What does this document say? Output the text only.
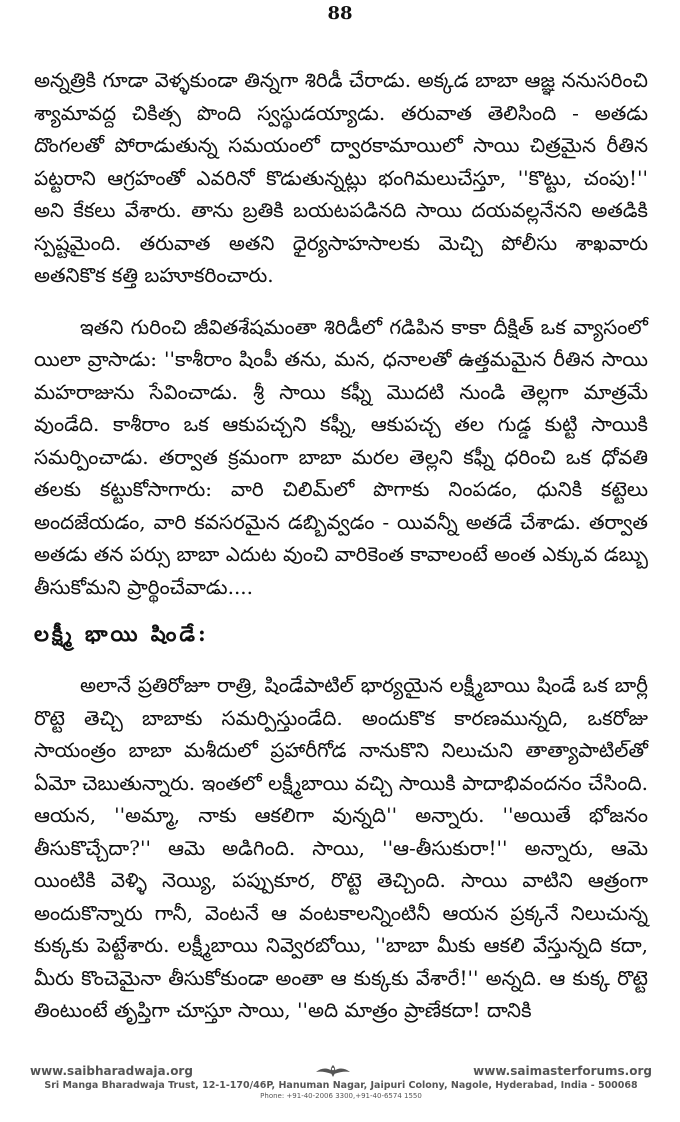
88

అన్నత్రికి గూడా వెళ్ళకుండా తిన్నగా శిరిడీ చేరాడు. అక్కడ బాబా ఆజ్ఞ ననుసరించి శ్యామావద్ద చికిత్స పొంది స్వస్థుడయ్యాడు. తరువాత తెలిసింది - అతడు దొంగలతో పోరాడుతున్న సమయంలో ద్వారకామాయిలో సాయి చిత్రమైన రీతిన పట్టరాని ఆగ్రహంతో ఎవరినో కొడుతున్నట్లు భంగిమలుచేస్తూ, ''కొట్టు, చంపు!'' అని కేకలు వేశారు. తాను బ్రతికి బయటపడినది సాయి దయవల్లనేనని అతడికి స్పష్టమైంది. తరువాత అతని ధైర్యసాహసాలకు మెచ్చి పోలీసు శాఖవారు అతనికొక కత్తి బహూకరించారు.

ఇతని గురించి జీవితశేషమంతా శిరిడీలో గడిపిన కాకా దీక్షిత్ ఒక వ్యాసంలో యిలా వ్రాసాడు: ''కాశీరాం షింపీ తను, మన, ధనాలతో ఉత్తమమైన రీతిన సాయి మహరాజును సేవించాడు. శ్రీ సాయి కఫ్నీ మొదటి నుండి తెల్లగా మాత్రమే వుండేది. కాశీరాం ఒక ఆకుపచ్చని కఫ్నీ, ఆకుపచ్చ తల గుడ్డ కుట్టి సాయికి సమర్పించాడు. తర్వాత క్రమంగా బాబా మరల తెల్లని కఫ్నీ ధరించి ఒక ధోవతి తలకు కట్టుకోసాగారు: వారి చిలిమ్‌లో పొగాకు నింపడం, ధునికి కట్టెలు అందజేయడం, వారి కవసరమైన డబ్బివ్వడం - యివన్నీ అతడే చేశాడు. తర్వాత అతడు తన పర్సు బాబా ఎదుట వుంచి వారికెంత కావాలంటే అంత ఎక్కువ డబ్బు తీసుకోమని ప్రార్థించేవాడు....

లక్ష్మీ భాయి షిండే:

అలానే ప్రతిరోజూ రాత్రి, షిండేపాటిల్ భార్యయైన లక్ష్మీబాయి షిండే ఒక బార్లీ రొట్టె తెచ్చి బాబాకు సమర్పిస్తుండేది. అందుకొక కారణమున్నది, ఒకరోజు సాయంత్రం బాబా మశీదులో ప్రహారీగోడ నానుకొని నిలుచుని తాత్యాపాటిల్‌తో ఏమో చెబుతున్నారు. ఇంతలో లక్ష్మీబాయి వచ్చి సాయికి పాదాభివందనం చేసింది. ఆయన, ''అమ్మా, నాకు ఆకలిగా వున్నది'' అన్నారు. ''అయితే భోజనం తీసుకొచ్చేదా?'' ఆమె అడిగింది. సాయి, ''ఆ-తీసుకురా!'' అన్నారు, ఆమె యింటికి వెళ్ళి నెయ్యి, పప్పుకూర, రొట్టె తెచ్చింది. సాయి వాటిని ఆత్రంగా అందుకొన్నారు గానీ, వెంటనే ఆ వంటకాలన్నింటినీ ఆయన ప్రక్కనే నిలుచున్న కుక్కకు పెట్టేశారు. లక్ష్మీబాయి నివ్వెరబోయి, ''బాబా మీకు ఆకలి వేస్తున్నది కదా, మీరు కొంచెమైనా తీసుకోకుండా అంతా ఆ కుక్కకు వేశారే!'' అన్నది. ఆ కుక్క రొట్టె తింటుంటే తృప్తిగా చూస్తూ సాయి, ''అది మాత్రం ప్రాణేకదా! దానికి

www.saibharadwaja.org	www.saimasterforums.org
Sri Manga Bharadwaja Trust, 12-1-170/46P, Hanuman Nagar, Jaipuri Colony, Nagole, Hyderabad, India - 500068
Phone: +91-40-2006 3300,+91-40-6574 1550
